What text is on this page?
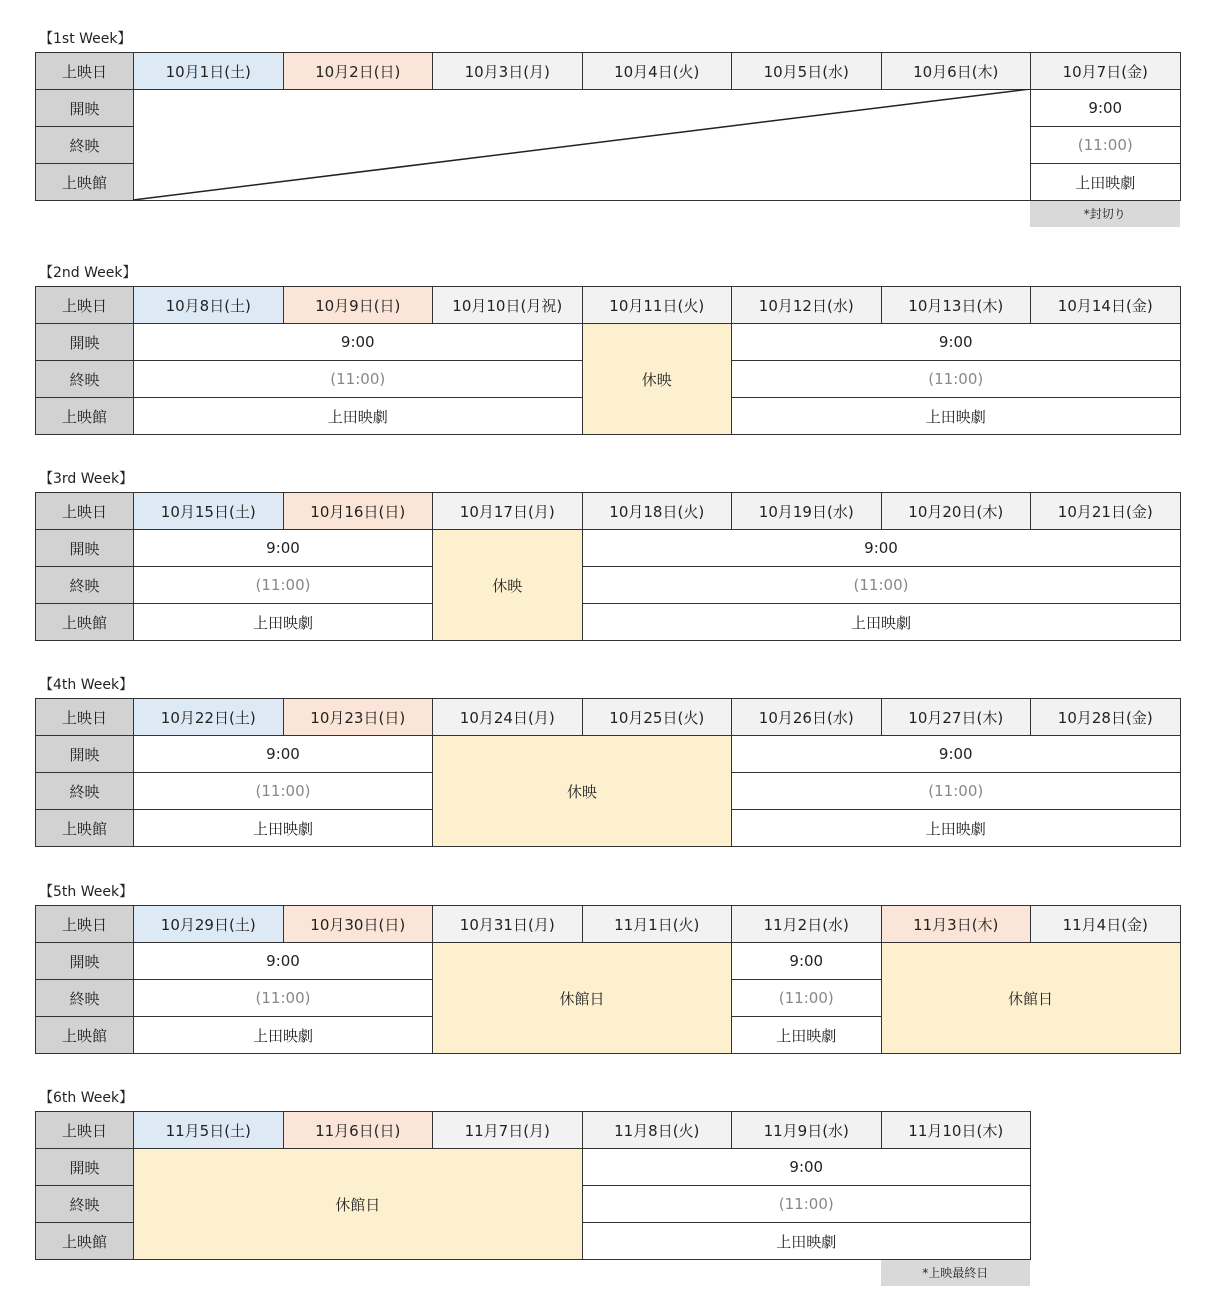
【1st Week】
上映日	10月1日(土)	10月2日(日)	10月3日(月)	10月4日(火)	10月5日(水)	10月6日(木)	10月7日(金)
開映							9:00
終映							(11:00)
上映館							上田映劇
*封切り
【2nd Week】
上映日	10月8日(土)	10月9日(日)	10月10日(月祝)	10月11日(火)	10月12日(水)	10月13日(木)	10月14日(金)
開映	9:00			休映	9:00		
終映	(11:00)				(11:00)		
上映館	上田映劇				上田映劇		
【3rd Week】
上映日	10月15日(土)	10月16日(日)	10月17日(月)	10月18日(火)	10月19日(水)	10月20日(木)	10月21日(金)
開映	9:00		休映	9:00			
終映	(11:00)			(11:00)			
上映館	上田映劇			上田映劇			
【4th Week】
上映日	10月22日(土)	10月23日(日)	10月24日(月)	10月25日(火)	10月26日(水)	10月27日(木)	10月28日(金)
開映	9:00		休映		9:00		
終映	(11:00)				(11:00)		
上映館	上田映劇				上田映劇		
【5th Week】
上映日	10月29日(土)	10月30日(日)	10月31日(月)	11月1日(火)	11月2日(水)	11月3日(木)	11月4日(金)
開映	9:00		休館日		9:00	休館日	
終映	(11:00)				(11:00)		
上映館	上田映劇				上田映劇		
【6th Week】
上映日	11月5日(土)	11月6日(日)	11月7日(月)	11月8日(火)	11月9日(水)	11月10日(木)
開映	休館日			9:00		
終映				(11:00)		
上映館				上田映劇		
*上映最終日
